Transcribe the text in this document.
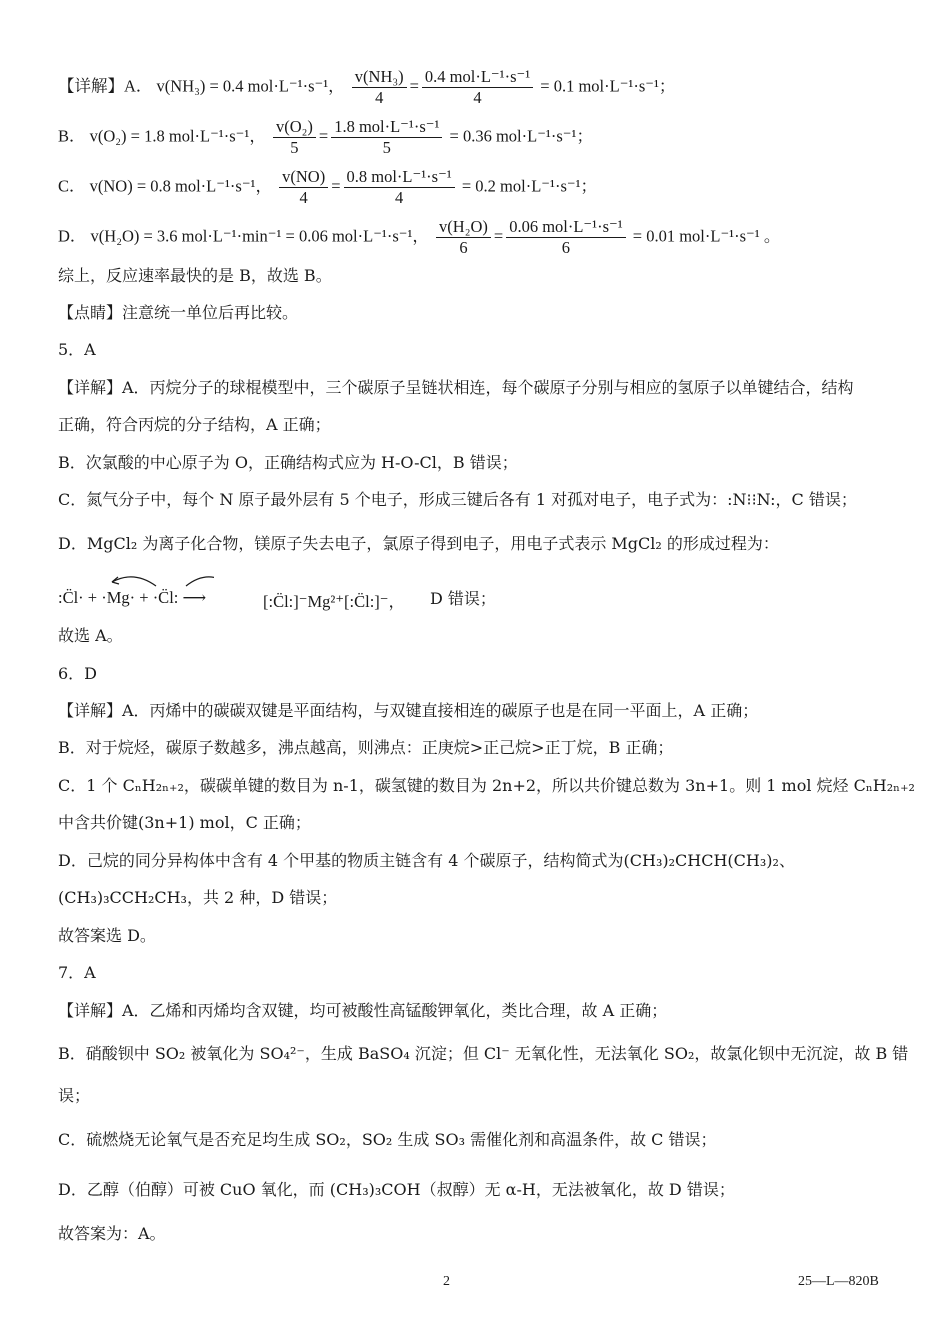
【详解】A． v(NH₃) = 0.4 mol·L⁻¹·s⁻¹， $\frac{\text{v(NH₃)}}{4} = \frac{\text{0.4 mol·L⁻¹·s⁻¹}}{4} = 0.1$ mol·L⁻¹·s⁻¹；
B． v(O₂) = 1.8 mol·L⁻¹·s⁻¹， $\frac{\text{v(O₂)}}{5} = \frac{\text{1.8 mol·L⁻¹·s⁻¹}}{5} = 0.36$ mol·L⁻¹·s⁻¹；
C． v(NO) = 0.8 mol·L⁻¹·s⁻¹， $\frac{v(NO)}{4} = \frac{\text{0.8 mol·L⁻¹·s⁻¹}}{4} = 0.2$ mol·L⁻¹·s⁻¹；
D． v(H₂O) = 3.6 mol·L⁻¹·min⁻¹ = 0.06 mol·L⁻¹·s⁻¹， $\frac{\text{v(H₂O)}}{6} = \frac{\text{0.06 mol·L⁻¹·s⁻¹}}{6} = 0.01$ mol·L⁻¹·s⁻¹ 。
综上，反应速率最快的是 B，故选 B。
【点睛】注意统一单位后再比较。
5．A
【详解】A．丙烷分子的球棍模型中，三个碳原子呈链状相连，每个碳原子分别与相应的氢原子以单键结合，结构
正确，符合丙烷的分子结构，A 正确；
B．次氯酸的中心原子为 O，正确结构式应为 H-O-Cl，B 错误；
C．氮气分子中，每个 N 原子最外层有 5 个电子，形成三键后各有 1 对孤对电子，电子式为：:N⁝⁝N:，C 错误；
D．MgCl₂ 为离子化合物，镁原子失去电子，氯原子得到电子，用电子式表示 MgCl₂ 的形成过程为：
:C̈l· + ·Mg· + ·C̈l: ⟶	[:C̈l:]⁻Mg²⁺[:C̈l:]⁻， D 错误；
故选 A。
6．D
【详解】A．丙烯中的碳碳双键是平面结构，与双键直接相连的碳原子也是在同一平面上，A 正确；
B．对于烷烃，碳原子数越多，沸点越高，则沸点：正庚烷>正己烷>正丁烷，B 正确；
C．1 个 CₙH₂ₙ₊₂，碳碳单键的数目为 n-1，碳氢键的数目为 2n+2，所以共价键总数为 3n+1。则 1 mol 烷烃 CₙH₂ₙ₊₂
中含共价键(3n+1) mol，C 正确；
D．己烷的同分异构体中含有 4 个甲基的物质主链含有 4 个碳原子，结构简式为(CH₃)₂CHCH(CH₃)₂、
(CH₃)₃CCH₂CH₃，共 2 种，D 错误；
故答案选 D。
7．A
【详解】A．乙烯和丙烯均含双键，均可被酸性高锰酸钾氧化，类比合理，故 A 正确；
B．硝酸钡中 SO₂ 被氧化为 SO₄²⁻，生成 BaSO₄ 沉淀；但 Cl⁻ 无氧化性，无法氧化 SO₂，故氯化钡中无沉淀，故 B 错
误；
C．硫燃烧无论氧气是否充足均生成 SO₂，SO₂ 生成 SO₃ 需催化剂和高温条件，故 C 错误；
D．乙醇（伯醇）可被 CuO 氧化，而 (CH₃)₃COH（叔醇）无 α-H，无法被氧化，故 D 错误；
故答案为：A。
2	25—L—820B
